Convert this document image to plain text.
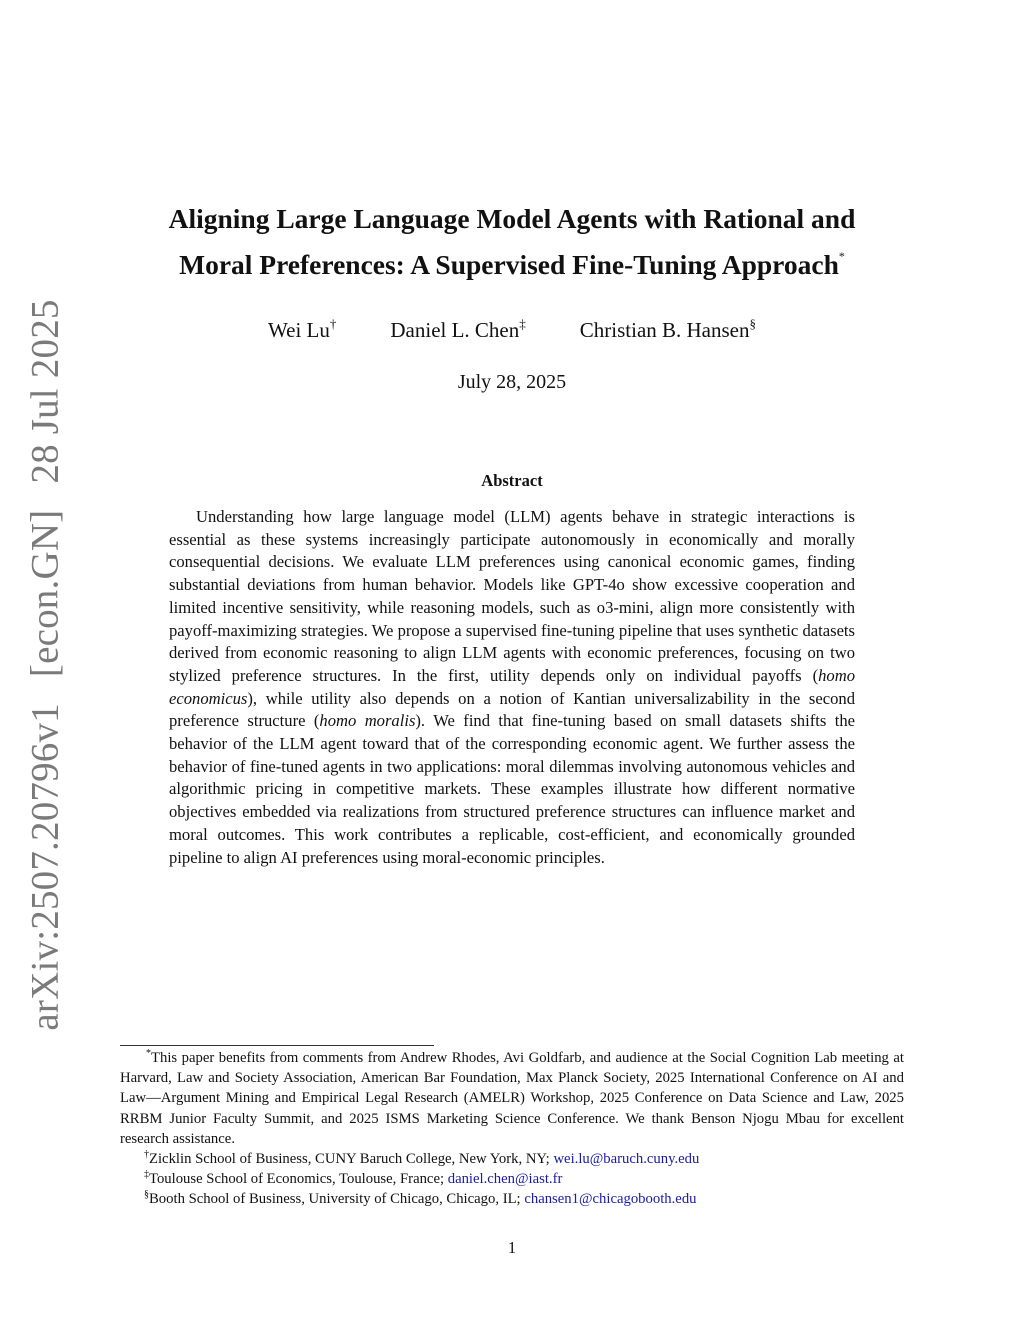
arXiv:2507.20796v1[econ.GN]28 Jul 2025
Aligning Large Language Model Agents with Rational and
Moral Preferences: A Supervised Fine-Tuning Approach*
Wei Lu†	Daniel L. Chen‡	Christian B. Hansen§
July 28, 2025
Abstract

Understanding how large language model (LLM) agents behave in strategic interactions is essential as these systems increasingly participate autonomously in economically and morally consequential decisions. We evaluate LLM preferences using canonical economic games, finding substantial deviations from human behavior. Models like GPT-4o show excessive cooperation and limited incentive sensitivity, while reasoning models, such as o3-mini, align more consistently with payoff-maximizing strategies. We propose a supervised fine-tuning pipeline that uses synthetic datasets derived from economic reasoning to align LLM agents with economic preferences, focusing on two stylized preference structures. In the first, utility depends only on individual payoffs (homo economicus), while utility also depends on a notion of Kantian universalizability in the second preference structure (homo moralis). We find that fine-tuning based on small datasets shifts the behavior of the LLM agent toward that of the corresponding economic agent. We further assess the behavior of fine-tuned agents in two applications: moral dilemmas involving autonomous vehicles and algorithmic pricing in competitive markets. These examples illustrate how different normative objectives embedded via realizations from structured preference structures can influence market and moral outcomes. This work contributes a replicable, cost-efficient, and economically grounded pipeline to align AI preferences using moral-economic principles.

*This paper benefits from comments from Andrew Rhodes, Avi Goldfarb, and audience at the Social Cognition Lab meeting at Harvard, Law and Society Association, American Bar Foundation, Max Planck Society, 2025 International Conference on AI and Law—Argument Mining and Empirical Legal Research (AMELR) Workshop, 2025 Conference on Data Science and Law, 2025 RRBM Junior Faculty Summit, and 2025 ISMS Marketing Science Conference. We thank Benson Njogu Mbau for excellent research assistance.

†Zicklin School of Business, CUNY Baruch College, New York, NY; wei.lu@baruch.cuny.edu

‡Toulouse School of Economics, Toulouse, France; daniel.chen@iast.fr

§Booth School of Business, University of Chicago, Chicago, IL; chansen1@chicagobooth.edu

1
